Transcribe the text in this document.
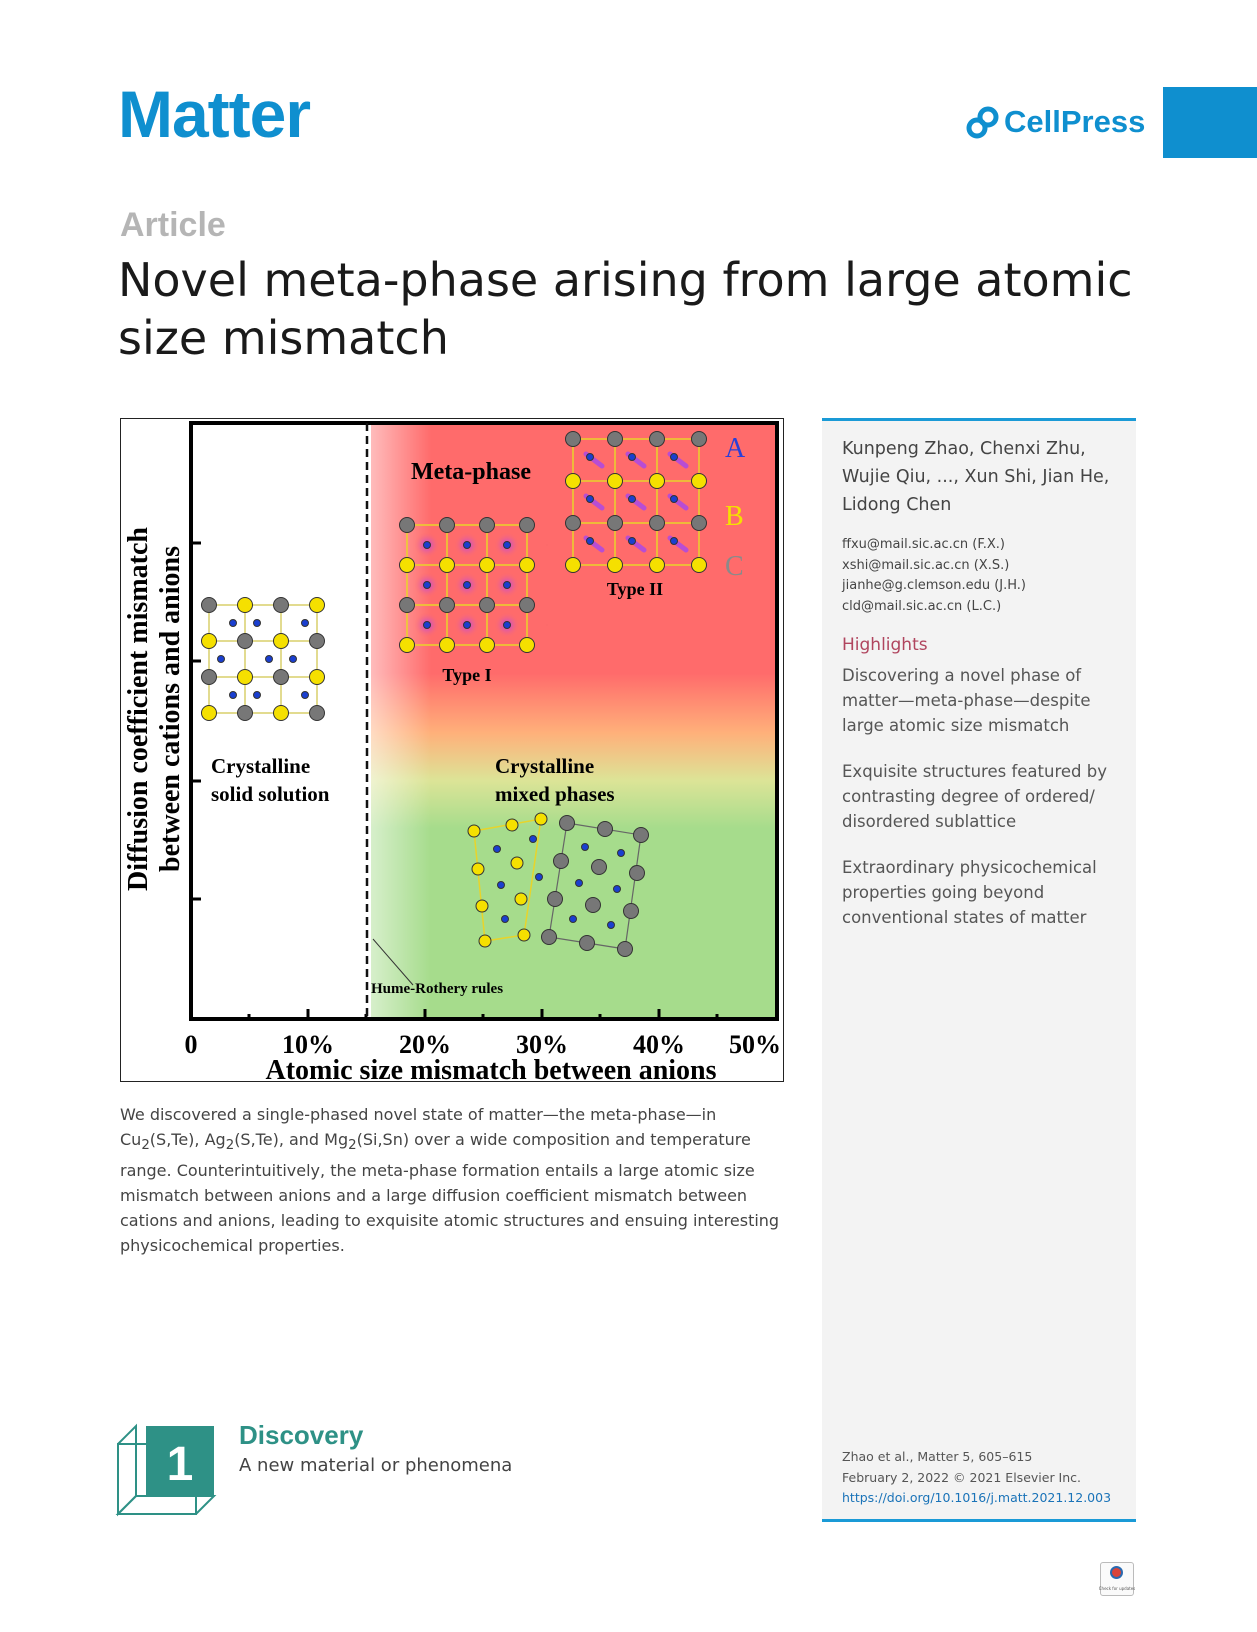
Matter	CellPress
Article
Novel meta-phase arising from large atomic size mismatch
0	10%	20%	30%	40% 50%
Atomic size mismatch between anions
Diffusion coefficient mismatch between cations and anions
Meta-phase
Crystalline
solid solution
Crystalline
mixed phases
Hume-Rothery rules
Type I
Type II
A
B
C
We discovered a single-phased novel state of matter—the meta-phase—in
$Cu_2(S,Te)$, $Ag_2(S,Te)$, and $Mg_2(Si,Sn)$ over a wide composition and temperature range. Counterintuitively, the meta-phase formation entails a large atomic size mismatch between anions and a large diffusion coefficient mismatch between cations and anions, leading to exquisite atomic structures and ensuing interesting physicochemical properties.
Kunpeng Zhao, Chenxi Zhu, Wujie Qiu, ..., Xun Shi, Jian He, Lidong Chen
ffxu@mail.sic.ac.cn (F.X.)
xshi@mail.sic.ac.cn (X.S.)
jianhe@g.clemson.edu (J.H.)
cld@mail.sic.ac.cn (L.C.)
Highlights
Discovering a novel phase of matter—meta-phase—despite large atomic size mismatch
Exquisite structures featured by contrasting degree of ordered/ disordered sublattice
Extraordinary physicochemical properties going beyond conventional states of matter
Zhao et al., Matter 5, 605–615
February 2, 2022 © 2021 Elsevier Inc.
https://doi.org/10.1016/j.matt.2021.12.003
1
Discovery
A new material or phenomena
Check for updates
